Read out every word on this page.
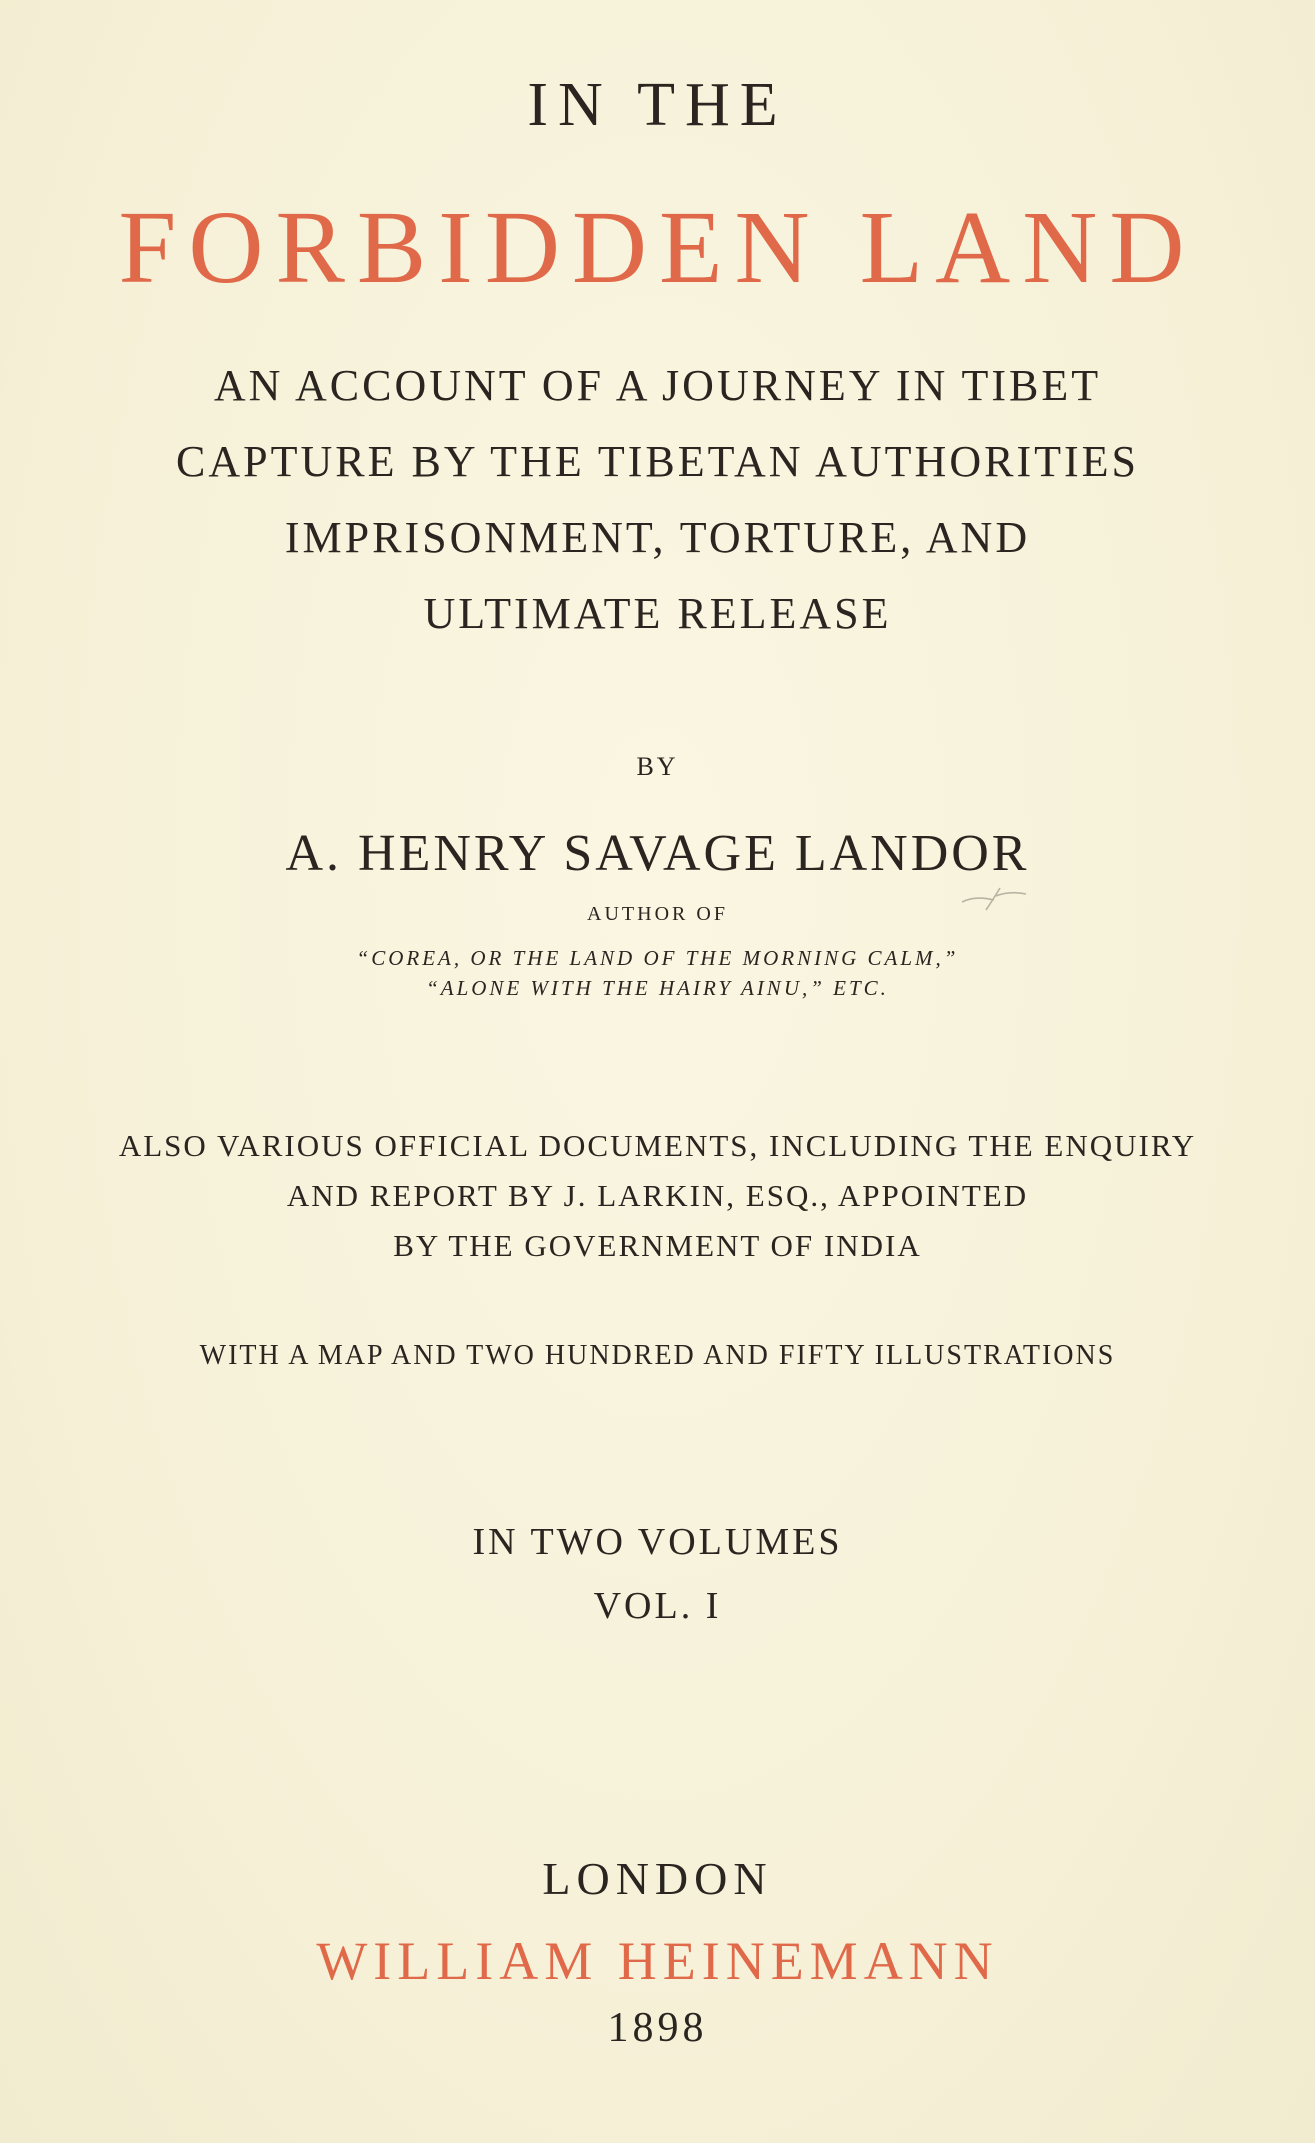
IN THE
FORBIDDEN LAND
AN ACCOUNT OF A JOURNEY IN TIBET
CAPTURE BY THE TIBETAN AUTHORITIES
IMPRISONMENT, TORTURE, AND
ULTIMATE RELEASE
BY
A. HENRY SAVAGE LANDOR
AUTHOR OF
“COREA, OR THE LAND OF THE MORNING CALM,”
“ALONE WITH THE HAIRY AINU,” ETC.
ALSO VARIOUS OFFICIAL DOCUMENTS, INCLUDING THE ENQUIRY
AND REPORT BY J. LARKIN, ESQ., APPOINTED
BY THE GOVERNMENT OF INDIA
WITH A MAP AND TWO HUNDRED AND FIFTY ILLUSTRATIONS
IN TWO VOLUMES
VOL. I
LONDON
WILLIAM HEINEMANN
1898
